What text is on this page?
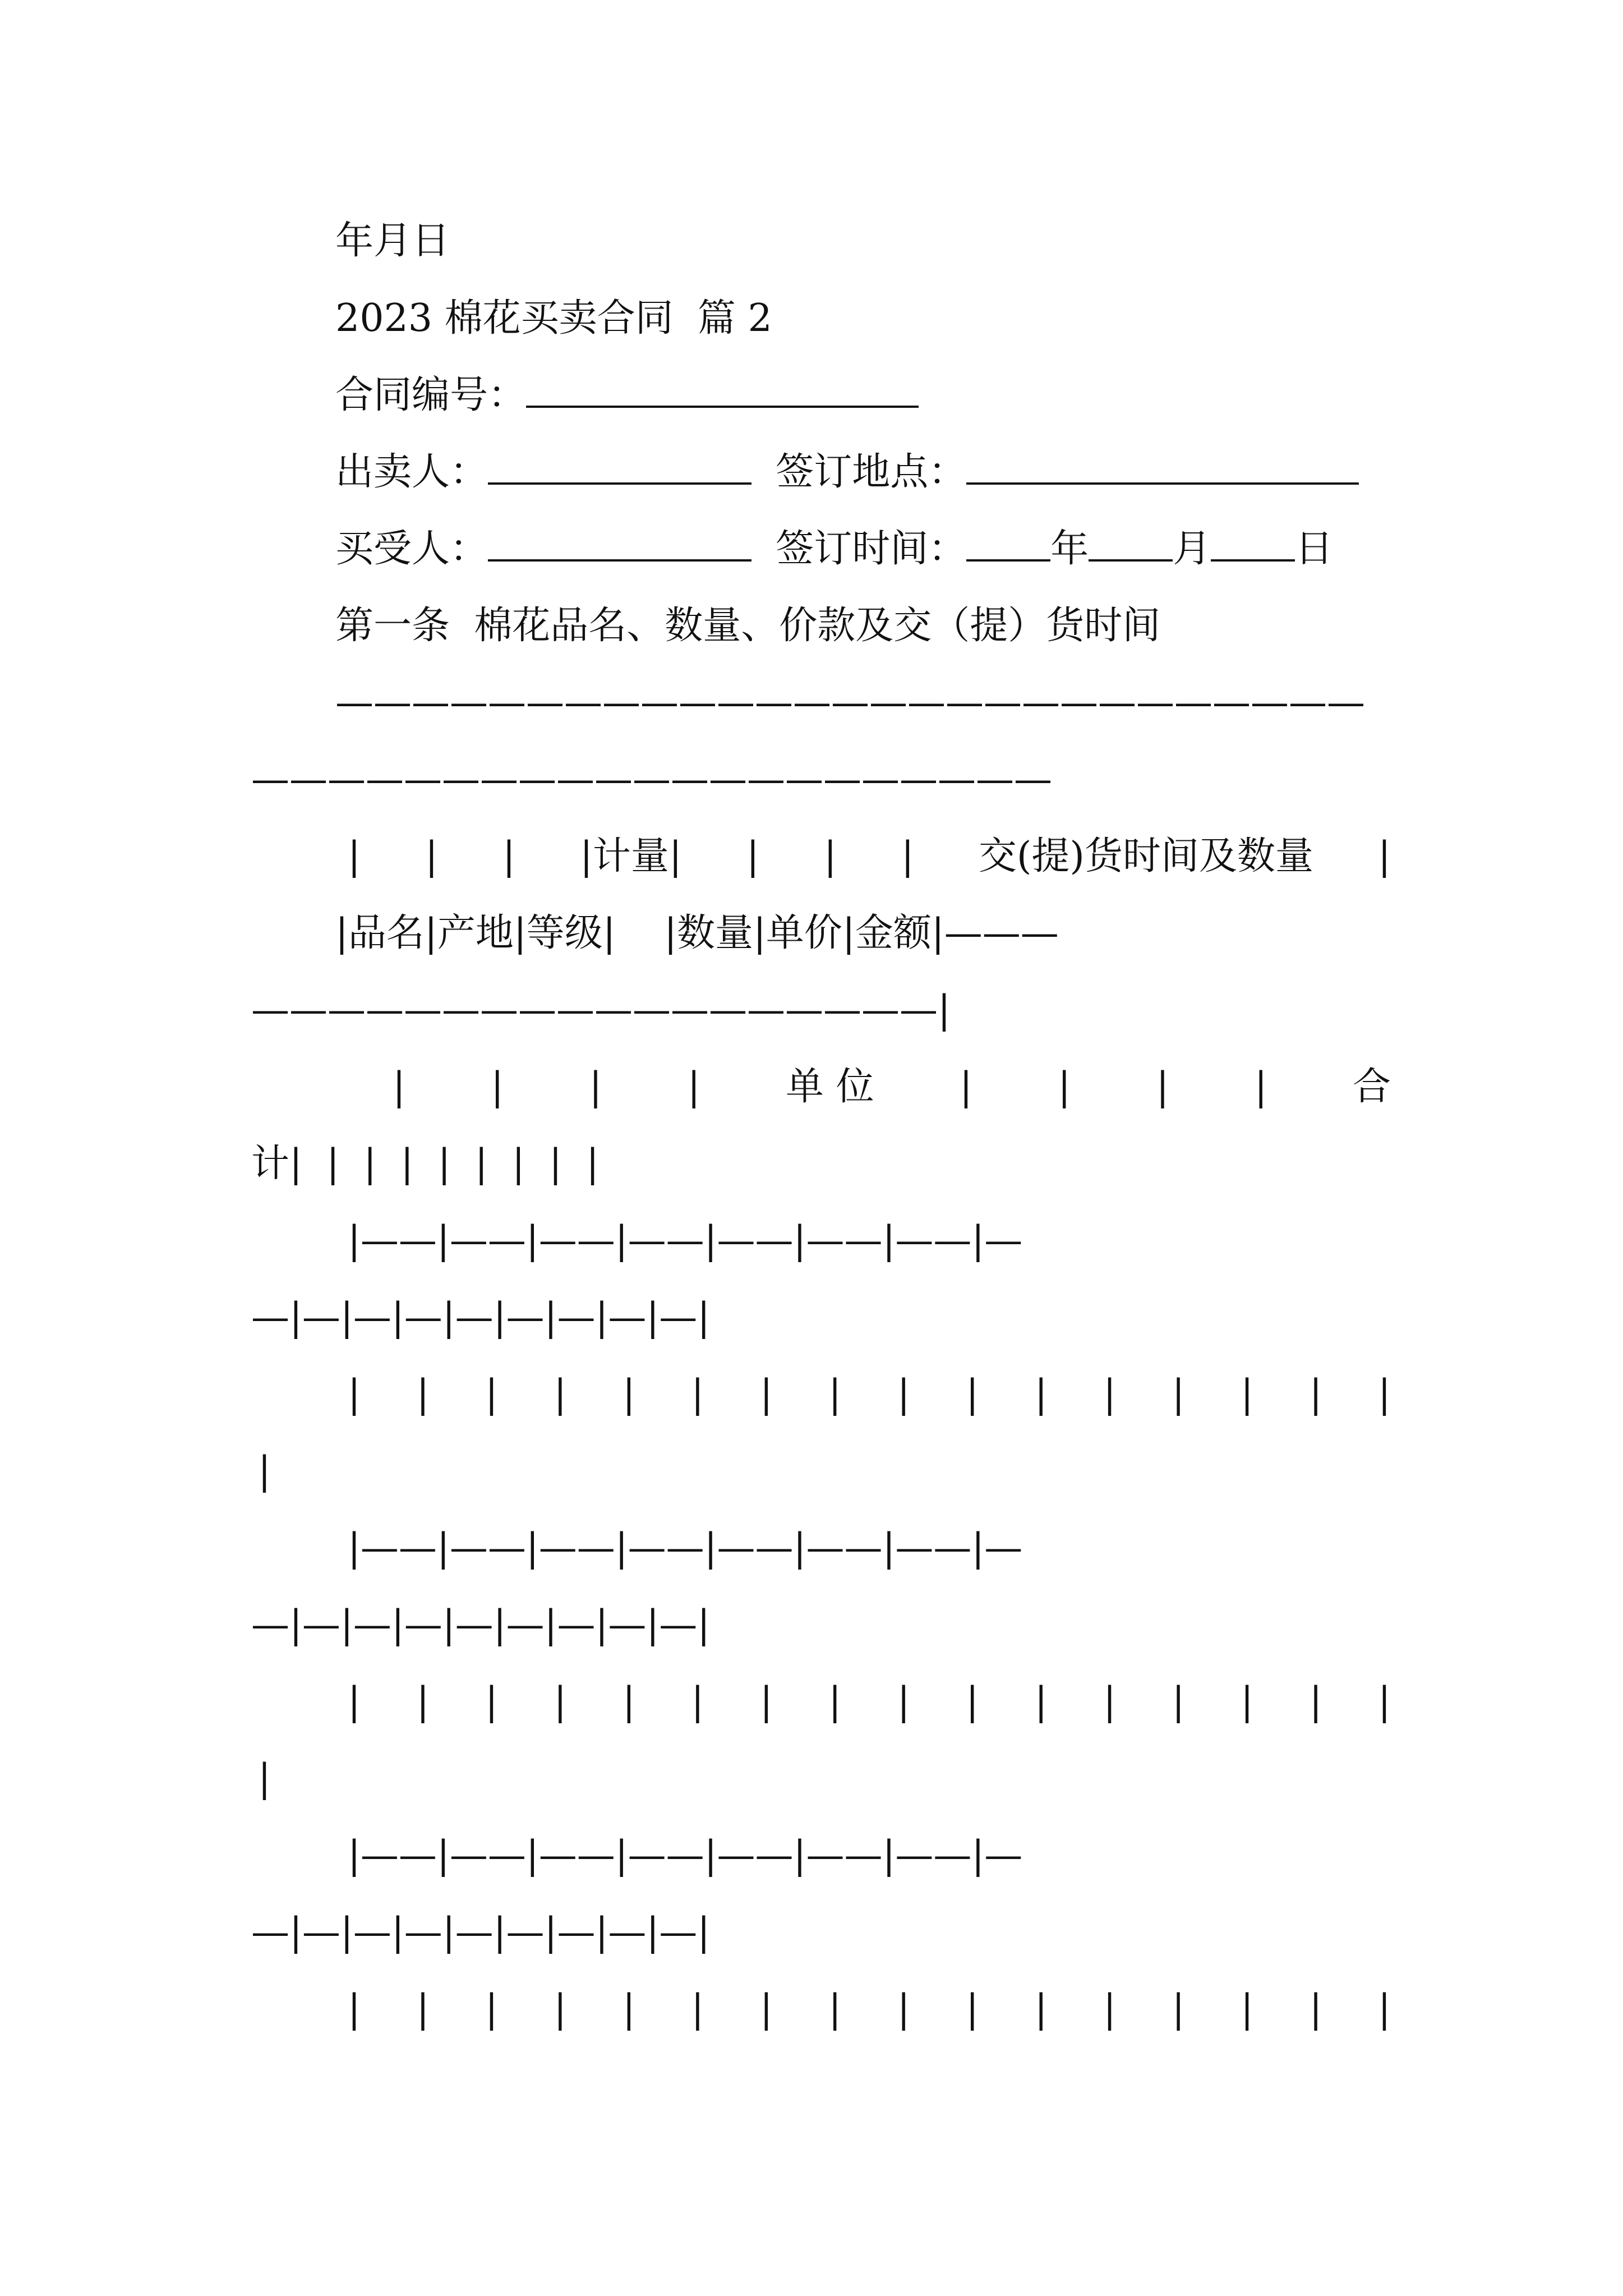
年月日
2023 棉花买卖合同  篇 2
合同编号：
出卖人：	签订地点：
买受人：	签订时间： 年 月 日
第一条  棉花品名、数量、价款及交（提）货时间
———————————————————————————
—————————————————————
| | | |计量| | | | 交(提)货时间及数量 |
|品名|产地|等级|    |数量|单价|金额|———
——————————————————|
| | | | 单 位 | | | | 合
计|  |  |  |  |  |  |  |  |
|——|——|——|——|——|——|——|—
—|—|—|—|—|—|—|—|—|
| | | | | | | | | | | | | | | |
|
|——|——|——|——|——|——|——|—
—|—|—|—|—|—|—|—|—|
| | | | | | | | | | | | | | | |
|
|——|——|——|——|——|——|——|—
—|—|—|—|—|—|—|—|—|
| | | | | | | | | | | | | | | |
